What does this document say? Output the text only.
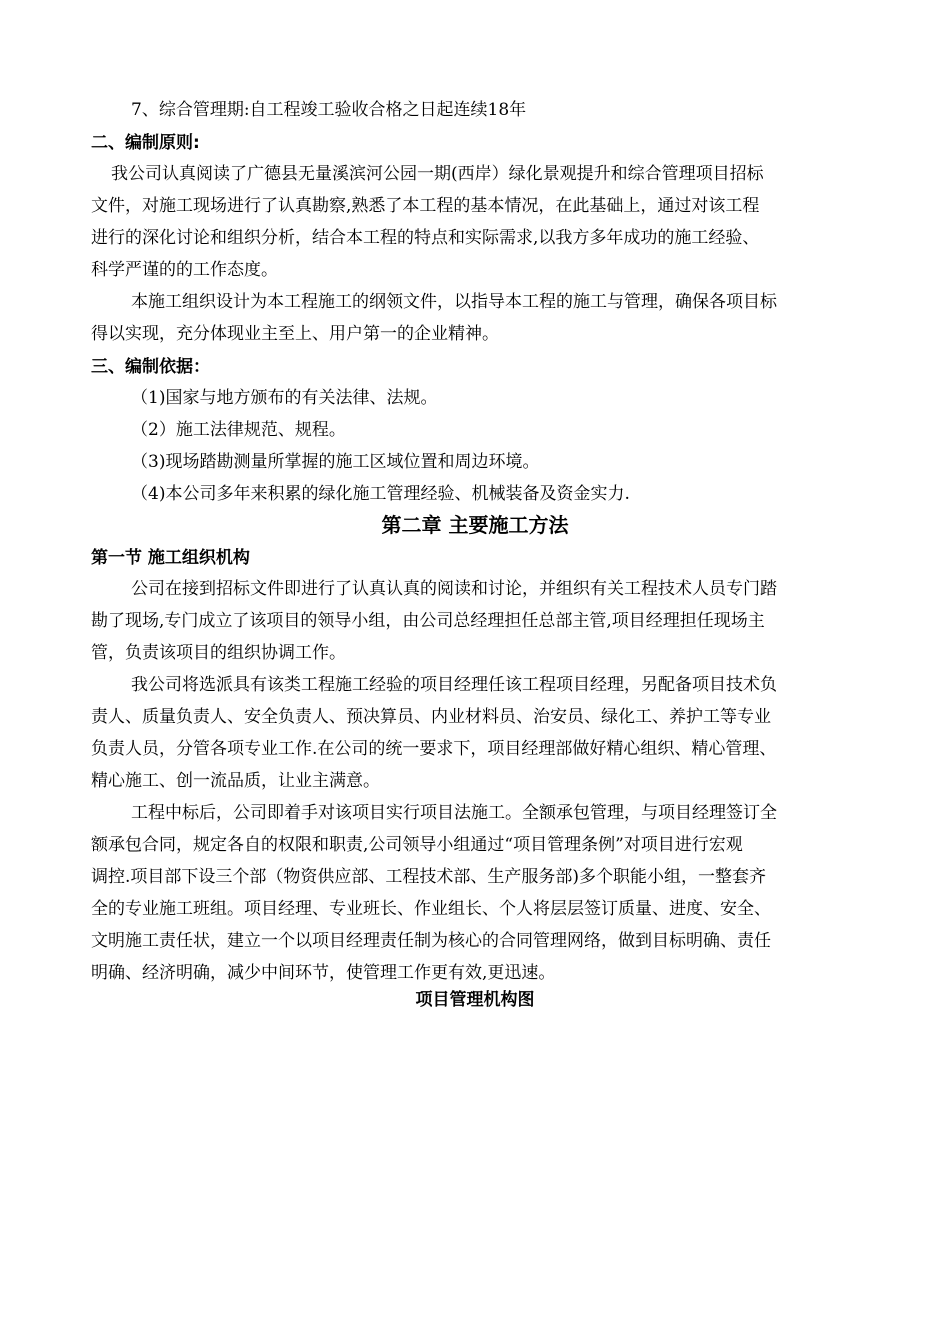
7、综合管理期:自工程竣工验收合格之日起连续18年
二、编制原则:
我公司认真阅读了广德县无量溪滨河公园一期(西岸）绿化景观提升和综合管理项目招标
文件，对施工现场进行了认真勘察,熟悉了本工程的基本情况，在此基础上，通过对该工程
进行的深化讨论和组织分析，结合本工程的特点和实际需求,以我方多年成功的施工经验、
科学严谨的的工作态度。
本施工组织设计为本工程施工的纲领文件，以指导本工程的施工与管理，确保各项目标
得以实现，充分体现业主至上、用户第一的企业精神。
三、编制依据：
（1)国家与地方颁布的有关法律、法规。
（2）施工法律规范、规程。
（3)现场踏勘测量所掌握的施工区域位置和周边环境。
（4)本公司多年来积累的绿化施工管理经验、机械装备及资金实力.
第二章 主要施工方法
第一节 施工组织机构
公司在接到招标文件即进行了认真认真的阅读和讨论，并组织有关工程技术人员专门踏
勘了现场,专门成立了该项目的领导小组，由公司总经理担任总部主管,项目经理担任现场主
管，负责该项目的组织协调工作。
我公司将选派具有该类工程施工经验的项目经理任该工程项目经理，另配备项目技术负
责人、质量负责人、安全负责人、预决算员、内业材料员、治安员、绿化工、养护工等专业
负责人员，分管各项专业工作.在公司的统一要求下，项目经理部做好精心组织、精心管理、
精心施工、创一流品质，让业主满意。
工程中标后，公司即着手对该项目实行项目法施工。全额承包管理，与项目经理签订全
额承包合同，规定各自的权限和职责,公司领导小组通过“项目管理条例”对项目进行宏观
调控.项目部下设三个部（物资供应部、工程技术部、生产服务部)多个职能小组，一整套齐
全的专业施工班组。项目经理、专业班长、作业组长、个人将层层签订质量、进度、安全、
文明施工责任状，建立一个以项目经理责任制为核心的合同管理网络，做到目标明确、责任
明确、经济明确，减少中间环节，使管理工作更有效,更迅速。
项目管理机构图
